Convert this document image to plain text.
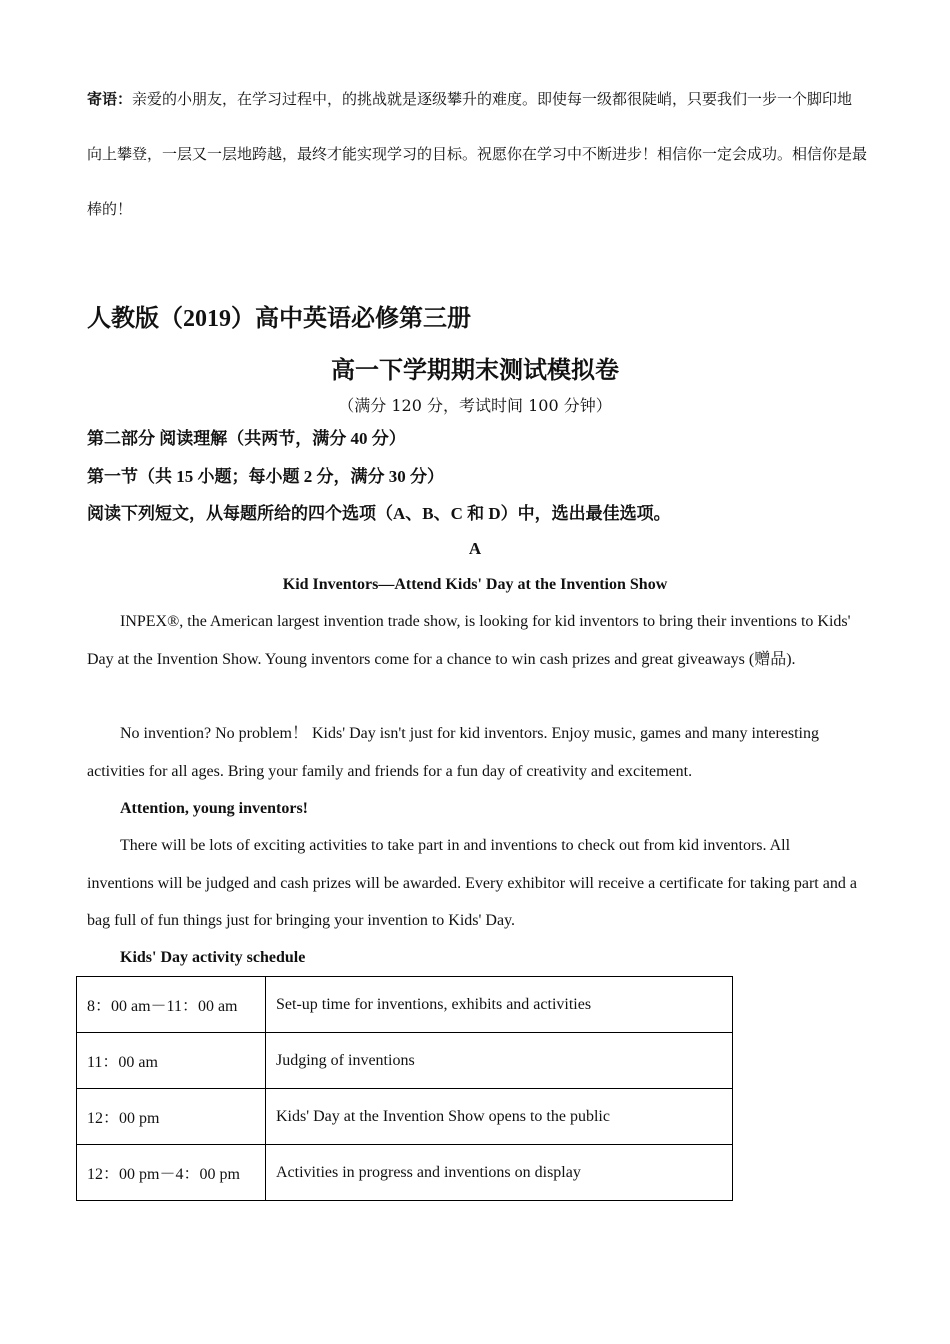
寄语：亲爱的小朋友，在学习过程中，的挑战就是逐级攀升的难度。即使每一级都很陡峭，只要我们一步一个脚印地向上攀登，一层又一层地跨越，最终才能实现学习的目标。祝愿你在学习中不断进步！相信你一定会成功。相信你是最棒的！
人教版（2019）高中英语必修第三册
高一下学期期末测试模拟卷
（满分 120 分，考试时间 100 分钟）
第二部分 阅读理解（共两节，满分 40 分）
第一节（共 15 小题；每小题 2 分，满分 30 分）
阅读下列短文，从每题所给的四个选项（A、B、C 和 D）中，选出最佳选项。
A
Kid Inventors—Attend Kids' Day at the Invention Show
INPEX®, the American largest invention trade show, is looking for kid inventors to bring their inventions to Kids' Day at the Invention Show. Young inventors come for a chance to win cash prizes and great giveaways (赠品).
No invention? No problem！ Kids' Day isn't just for kid inventors. Enjoy music, games and many interesting activities for all ages. Bring your family and friends for a fun day of creativity and excitement.
Attention, young inventors!
There will be lots of exciting activities to take part in and inventions to check out from kid inventors. All inventions will be judged and cash prizes will be awarded. Every exhibitor will receive a certificate for taking part and a bag full of fun things just for bringing your invention to Kids' Day.
Kids' Day activity schedule
8：00 am－11：00 am	Set-up time for inventions, exhibits and activities
11：00 am	Judging of inventions
12：00 pm	Kids' Day at the Invention Show opens to the public
12：00 pm－4：00 pm	Activities in progress and inventions on display
